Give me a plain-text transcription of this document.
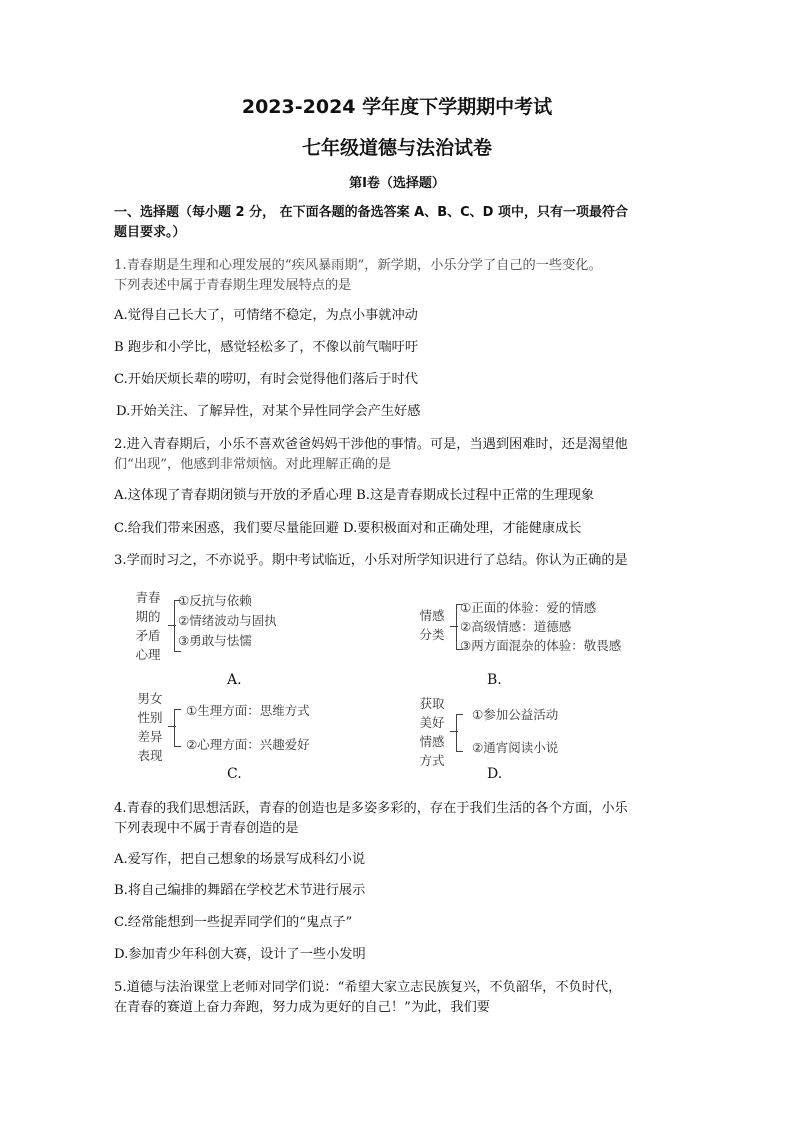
2023-2024 学年度下学期期中考试
七年级道德与法治试卷
第Ⅰ卷（选择题）
一、选择题（每小题 2 分， 在下面各题的备选答案 A、B、C、D 项中，只有一项最符合
题目要求。）
1.青春期是生理和心理发展的“疾风暴雨期”，新学期，小乐分学了自己的一些变化。
下列表述中属于青春期生理发展特点的是
A.觉得自己长大了，可情绪不稳定，为点小事就冲动
B 跑步和小学比，感觉轻松多了，不像以前气喘吁吁
C.开始厌烦长辈的唠叨，有时会觉得他们落后于时代
D.开始关注、了解异性，对某个异性同学会产生好感
2.进入青春期后，小乐不喜欢爸爸妈妈干涉他的事情。可是，当遇到困难时，还是渴望他
们“出现”，他感到非常烦恼。对此理解正确的是
A.这体现了青春期闭锁与开放的矛盾心理 B.这是青春期成长过程中正常的生理现象
C.给我们带来困惑，我们要尽量能回避 D.要积极面对和正确处理，才能健康成长
3.学而时习之，不亦说乎。期中考试临近，小乐对所学知识进行了总结。你认为正确的是
青春
期的
矛盾
心理
①反抗与依赖
②情绪波动与固执
③勇敢与怯懦
A.
情感
分类
①正面的体验：爱的情感
②高级情感：道德感
③两方面混杂的体验：敬畏感
B.
男女
性别
差异
表现
①生理方面：思维方式
②心理方面：兴趣爱好
C.
获取
美好
情感
方式
①参加公益活动
②通宵阅读小说
D.
4.青春的我们思想活跃，青春的创造也是多姿多彩的，存在于我们生活的各个方面，小乐
下列表现中不属于青春创造的是
A.爱写作，把自己想象的场景写成科幻小说
B.将自己编排的舞蹈在学校艺术节进行展示
C.经常能想到一些捉弄同学们的“鬼点子”
D.参加青少年科创大赛，设计了一些小发明
5.道德与法治课堂上老师对同学们说：“希望大家立志民族复兴，不负韶华，不负时代，
在青春的赛道上奋力奔跑，努力成为更好的自己！”为此，我们要
